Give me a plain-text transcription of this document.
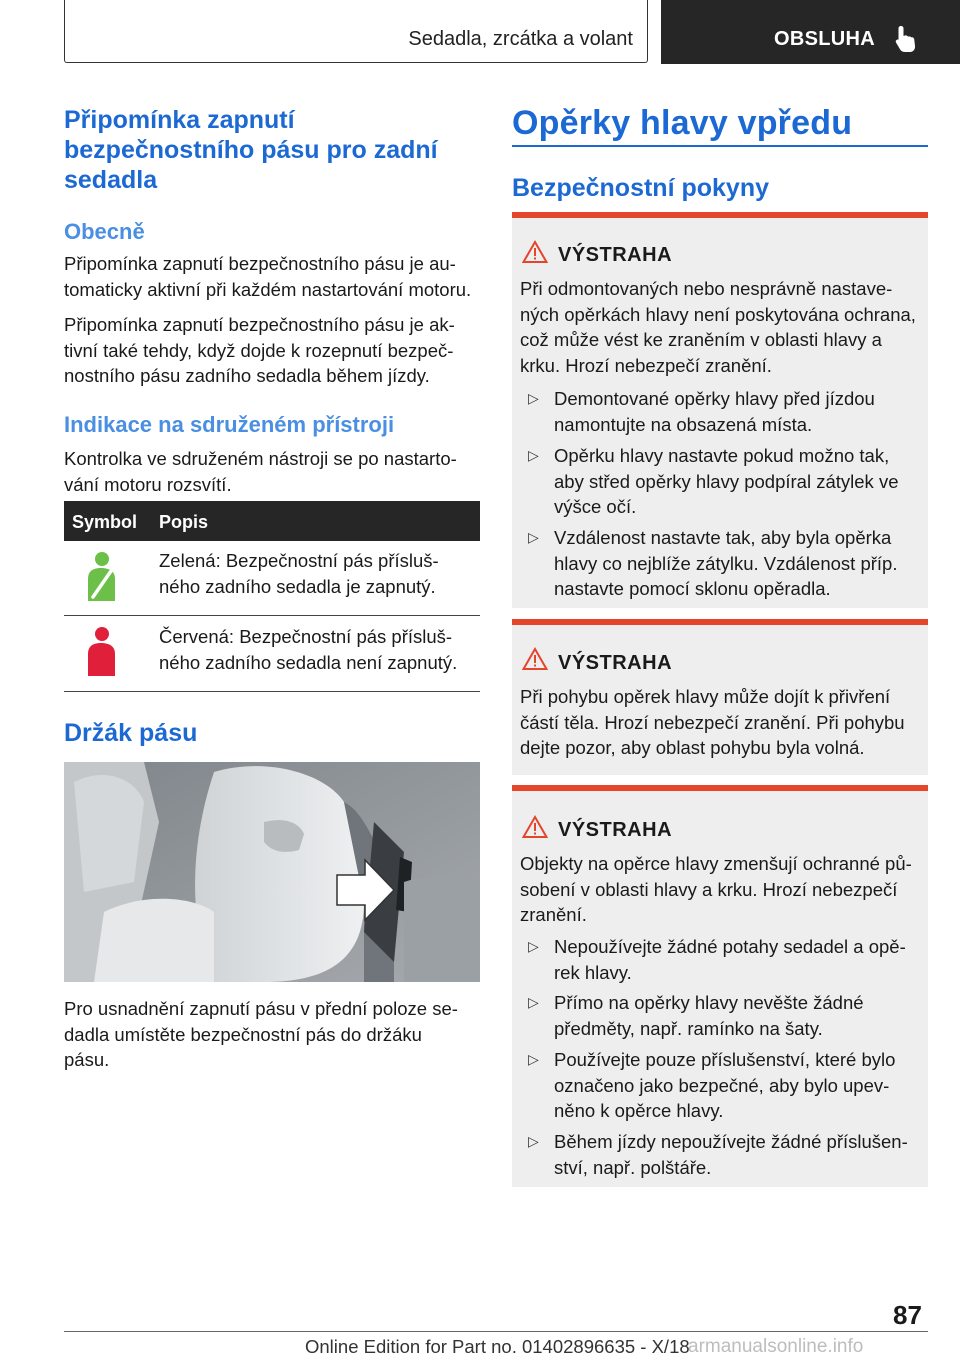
Sedadla, zrcátka a volant	OBSLUHA
Připomínka zapnutí
bezpečnostního pásu pro zadní
sedadla
Obecně

Připomínka zapnutí bezpečnostního pásu je au‐
tomaticky aktivní při každém nastartování motoru.

Připomínka zapnutí bezpečnostního pásu je ak‐
tivní také tehdy, když dojde k rozepnutí bezpeč‐
nostního pásu zadního sedadla během jízdy.

Indikace na sdruženém přístroji

Kontrolka ve sdruženém nástroji se po nastarto‐
vání motoru rozsvítí.

Symbol Popis
Zelená: Bezpečnostní pás přísluš‐
ného zadního sedadla je zapnutý.
Červená: Bezpečnostní pás přísluš‐
ného zadního sedadla není zapnutý.
Držák pásu

Pro usnadnění zapnutí pásu v přední poloze se‐
dadla umístěte bezpečnostní pás do držáku
pásu.

Opěrky hlavy vpředu
Bezpečnostní pokyny
VÝSTRAHA

Při odmontovaných nebo nesprávně nastave‐
ných opěrkách hlavy není poskytována ochrana,
což může vést ke zraněním v oblasti hlavy a
krku. Hrozí nebezpečí zranění.

▷ Demontované opěrky hlavy před jízdou
namontujte na obsazená místa.
▷ Opěrku hlavy nastavte pokud možno tak,
aby střed opěrky hlavy podpíral zátylek ve
výšce očí.
▷ Vzdálenost nastavte tak, aby byla opěrka
hlavy co nejblíže zátylku. Vzdálenost příp.
nastavte pomocí sklonu opěradla.
VÝSTRAHA

Při pohybu opěrek hlavy může dojít k přivření
částí těla. Hrozí nebezpečí zranění. Při pohybu
dejte pozor, aby oblast pohybu byla volná.

VÝSTRAHA

Objekty na opěrce hlavy zmenšují ochranné pů‐
sobení v oblasti hlavy a krku. Hrozí nebezpečí
zranění.

▷ Nepoužívejte žádné potahy sedadel a opě‐
rek hlavy.
▷ Přímo na opěrky hlavy nevěšte žádné
předměty, např. ramínko na šaty.
▷ Používejte pouze příslušenství, které bylo
označeno jako bezpečné, aby bylo upev‐
něno k opěrce hlavy.
▷ Během jízdy nepoužívejte žádné příslušen‐
ství, např. polštáře.
87
Online Edition for Part no. 01402896635 - X/18
armanualsonline.info
